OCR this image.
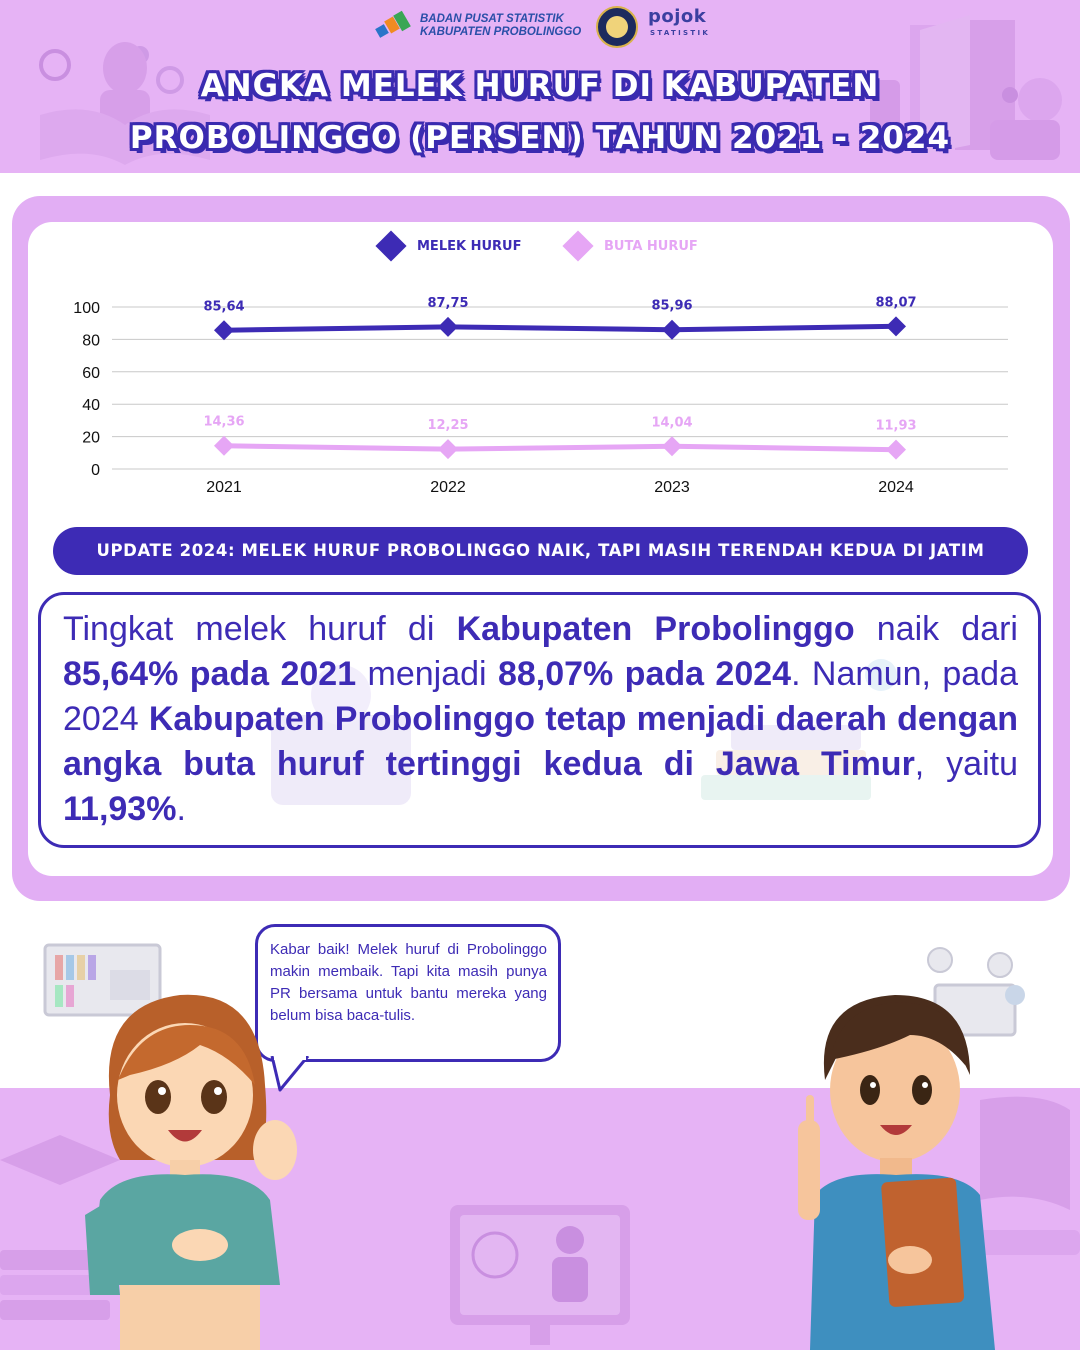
BADAN PUSAT STATISTIK
KABUPATEN PROBOLINGGO
pojok
STATISTIK
ANGKA MELEK HURUF DI KABUPATEN
PROBOLINGGO (PERSEN) TAHUN 2021 - 2024
MELEK HURUF	BUTA HURUF
0
20
40
60
80
100
2021	2022	2023	2024
85,64	87,75	85,96	88,07
14,36	12,25	14,04	11,93
UPDATE 2024: MELEK HURUF PROBOLINGGO NAIK, TAPI MASIH TERENDAH KEDUA DI JATIM
Tingkat melek huruf di Kabupaten Probolinggo naik dari 85,64% pada 2021 menjadi 88,07% pada 2024. Namun, pada 2024 Kabupaten Probolinggo tetap menjadi daerah dengan angka buta huruf tertinggi kedua di Jawa Timur, yaitu 11,93%.
Kabar baik! Melek huruf di Probolinggo makin membaik. Tapi kita masih punya PR bersama untuk bantu mereka yang belum bisa baca-tulis.
